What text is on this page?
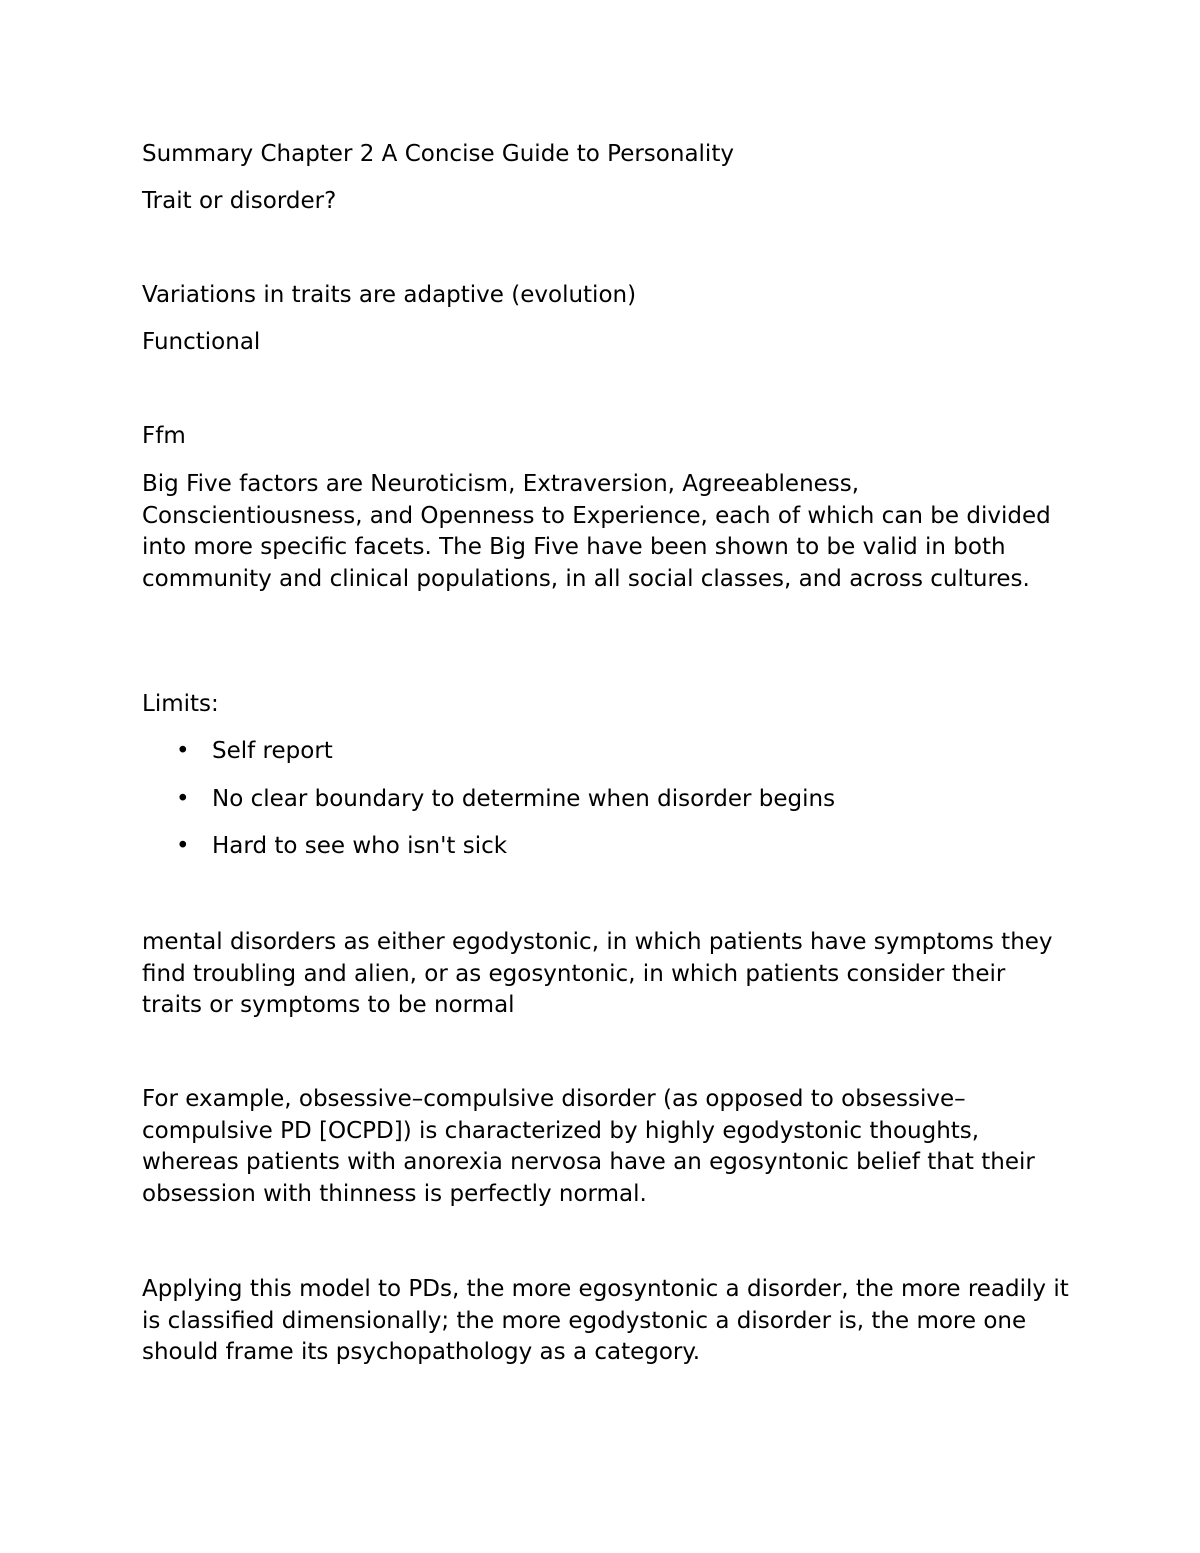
Summary Chapter 2 A Concise Guide to Personality

Trait or disorder?

Variations in traits are adaptive (evolution)

Functional

Ffm

Big Five factors are Neuroticism, Extraversion, Agreeableness, Conscientiousness, and Openness to Experience, each of which can be divided into more specific facets. The Big Five have been shown to be valid in both community and clinical populations, in all social classes, and across cultures.

Limits:

• Self report
• No clear boundary to determine when disorder begins
• Hard to see who isn't sick

mental disorders as either egodystonic, in which patients have symptoms they find troubling and alien, or as egosyntonic, in which patients consider their traits or symptoms to be normal

For example, obsessive–compulsive disorder (as opposed to obsessive–compulsive PD [OCPD]) is characterized by highly egodystonic thoughts, whereas patients with anorexia nervosa have an egosyntonic belief that their obsession with thinness is perfectly normal.

Applying this model to PDs, the more egosyntonic a disorder, the more readily it is classified dimensionally; the more egodystonic a disorder is, the more one should frame its psychopathology as a category.
